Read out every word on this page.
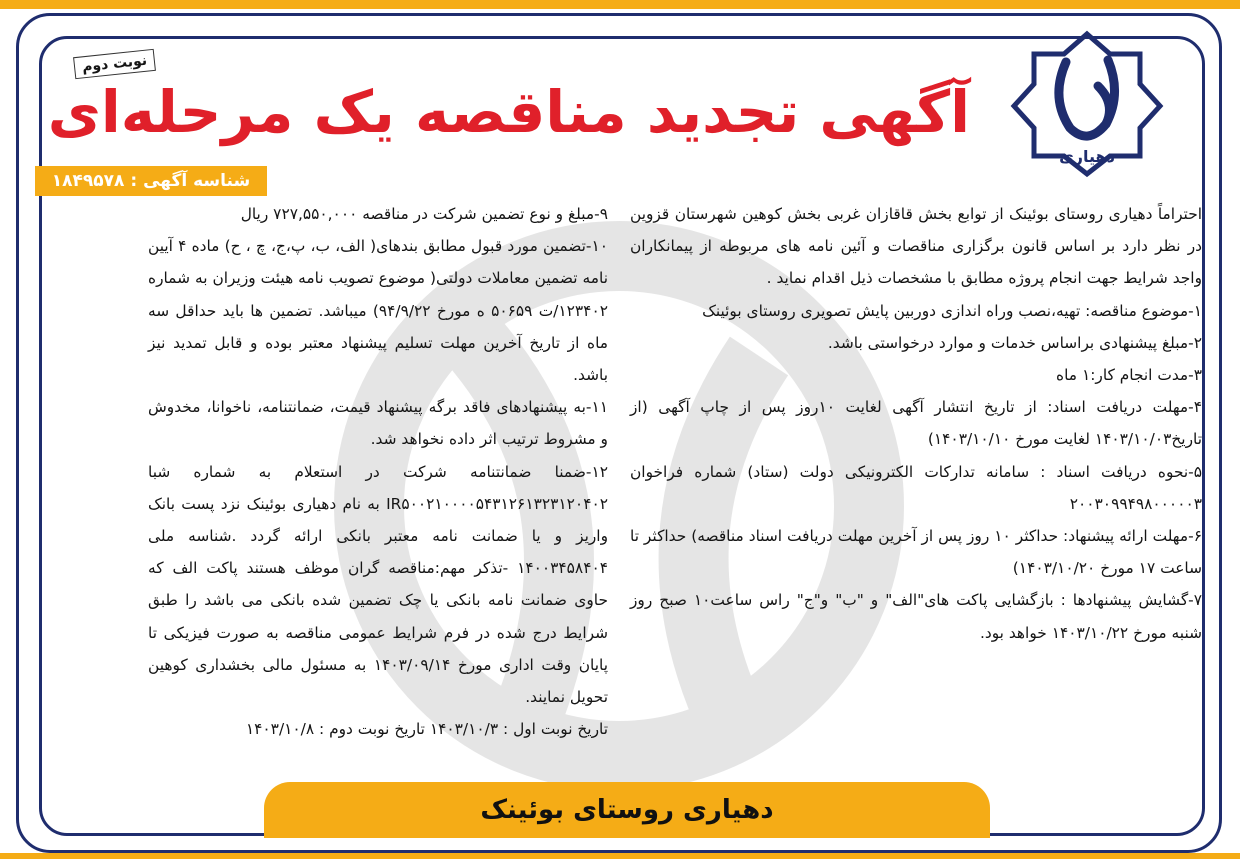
دهیاری
آگهی تجدید مناقصه یک مرحله‌ای
نوبت دوم
شناسه آگهی : ۱۸۴۹۵۷۸

احتراماً دهیاری روستای بوئینک از توابع بخش قاقازان غربی بخش کوهین شهرستان قزوین در نظر دارد بر اساس قانون برگزاری مناقصات و آئین نامه های مربوطه از پیمانکاران واجد شرایط جهت انجام پروژه مطابق با مشخصات ذیل اقدام نماید .

۱-موضوع مناقصه: تهیه،نصب وراه اندازی دوربین پایش تصویری روستای بوئینک

۲-مبلغ پیشنهادی براساس خدمات و موارد درخواستی باشد.

۳-مدت انجام کار:۱ ماه

۴-مهلت دریافت اسناد: از تاریخ انتشار آگهی لغایت ۱۰روز پس از چاپ آگهی (از تاریخ۱۴۰۳/۱۰/۰۳ لغایت مورخ ۱۴۰۳/۱۰/۱۰)

۵-نحوه دریافت اسناد : سامانه تدارکات الکترونیکی دولت (ستاد) شماره فراخوان ۲۰۰۳۰۹۹۴۹۸۰۰۰۰۰۳

۶-مهلت ارائه پیشنهاد: حداکثر ۱۰ روز پس از آخرین مهلت دریافت اسناد مناقصه) حداکثر تا ساعت ۱۷ مورخ ۱۴۰۳/۱۰/۲۰)

۷-گشایش پیشنهادها : بازگشایی پاکت های"الف" و "ب" و"ج" راس ساعت۱۰ صبح روز شنبه مورخ ۱۴۰۳/۱۰/۲۲ خواهد بود.

۹-مبلغ و نوع تضمین شرکت در مناقصه ۷۲۷,۵۵۰,۰۰۰ ریال

۱۰-تضمین مورد قبول مطابق بندهای( الف، ب، پ،ج، چ ، ح) ماده ۴ آیین نامه تضمین معاملات دولتی( موضوع تصویب نامه هیئت وزیران به شماره ۱۲۳۴۰۲/ت ۵۰۶۵۹ ه مورخ ۹۴/۹/۲۲) میباشد. تضمین ها باید حداقل سه ماه از تاریخ آخرین مهلت تسلیم پیشنهاد معتبر بوده و قابل تمدید نیز باشد.

۱۱-به پیشنهادهای فاقد برگه پیشنهاد قیمت، ضمانتنامه، ناخوانا، مخدوش و مشروط ترتیب اثر داده نخواهد شد.

۱۲-ضمنا ضمانتنامه شرکت در استعلام به شماره شبا IR۵۰۰۲۱۰۰۰۰۵۴۳۱۲۶۱۳۲۳۱۲۰۴۰۲ به نام دهیاری بوئینک نزد پست بانک واریز و یا ضمانت نامه معتبر بانکی ارائه گردد .شناسه ملی ۱۴۰۰۳۴۵۸۴۰۴ -تذکر مهم:مناقصه گران موظف هستند پاکت الف که حاوی ضمانت نامه بانکی یا چک تضمین شده بانکی می باشد را طبق شرایط درج شده در فرم شرایط عمومی مناقصه به صورت فیزیکی تا پایان وقت اداری مورخ ۱۴۰۳/۰۹/۱۴ به مسئول مالی بخشداری کوهین تحویل نمایند.

تاریخ نوبت اول : ۱۴۰۳/۱۰/۳ تاریخ نوبت دوم : ۱۴۰۳/۱۰/۸

دهیاری روستای بوئینک
